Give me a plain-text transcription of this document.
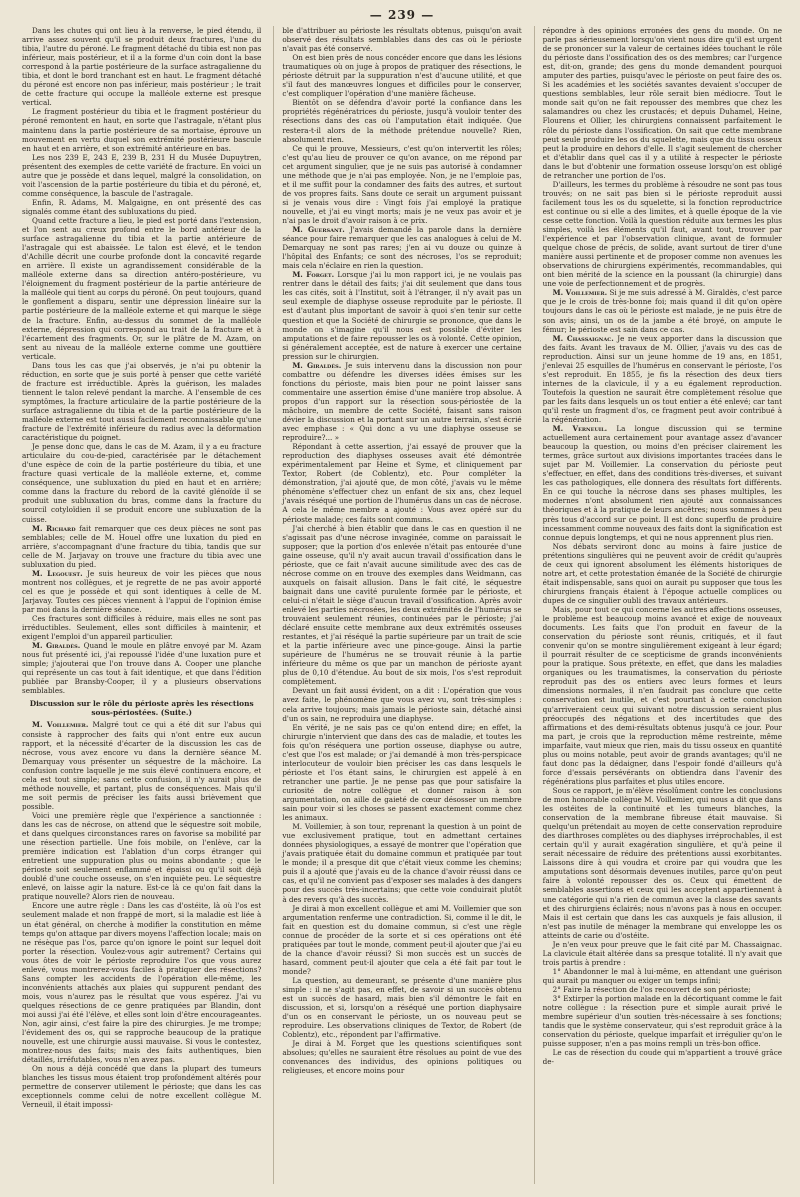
— 239 —

Dans les chutes qui ont lieu à la renverse, le pied étendu, il arrive assez souvent qu'il se produit deux fractures, l'une du tibia, l'autre du péroné. Le fragment détaché du tibia est non pas inférieur, mais postérieur, et il a la forme d'un coin dont la base correspond à la partie postérieure de la surface astragalienne du tibia, et dont le bord tranchant est en haut. Le fragment détaché du péroné est encore non pas inférieur, mais postérieur ; le trait de cette fracture qui occupe la malléole externe est presque vertical.

Le fragment postérieur du tibia et le fragment postérieur du péroné remontent en haut, en sorte que l'astragale, n'étant plus maintenu dans la partie postérieure de sa mortaise, éprouve un mouvement en vertu duquel son extrémité postérieure bascule en haut et en arrière, et son extrémité antérieure en bas.

Les nos 239 E, 243 E, 239 B, 231 H du Musée Dupuytren, présentent des exemples de cette variété de fracture. En voici un autre que je possède et dans lequel, malgré la consolidation, on voit l'ascension de la partie postérieure du tibia et du péroné, et, comme conséquence, la bascule de l'astragale.

Enfin, R. Adams, M. Malgaigne, en ont présenté des cas signalés comme étant des subluxations du pied.

Quand cette fracture a lieu, le pied est porté dans l'extension, et l'on sent au creux profond entre le bord antérieur de la surface astragalienne du tibia et la partie antérieure de l'astragale qui est abaissée. Le talon est élevé, et le tendon d'Achille décrit une courbe profonde dont la concavité regarde en arrière. Il existe un agrandissement considérable de la malléole externe dans sa direction antéro-postérieure, vu l'éloignement du fragment postérieur de la partie antérieure de la malléole qui tient au corps du péroné. On peut toujours, quand le gonflement a disparu, sentir une dépression linéaire sur la partie postérieure de la malléole externe et qui marque le siège de la fracture. Enfin, au-dessus du sommet de la malléole externe, dépression qui correspond au trait de la fracture et à l'écartement des fragments. Or, sur le plâtre de M. Azam, on sent au niveau de la malléole externe comme une gouttière verticale.

Dans tous les cas que j'ai observés, je n'ai pu obtenir la réduction, en sorte que je suis porté à penser que cette variété de fracture est irréductible. Après la guérison, les malades tiennent le talon relevé pendant la marche. A l'ensemble de ces symptômes, la fracture articulaire de la partie postérieure de la surface astragalienne du tibia et de la partie postérieure de la malléole externe est tout aussi facilement reconnaissable qu'une fracture de l'extrémité inférieure du radius avec la déformation caractéristique du poignet.

Je pense donc que, dans le cas de M. Azam, il y a eu fracture articulaire du cou-de-pied, caractérisée par le détachement d'une espèce de coin de la partie postérieure du tibia, et une fracture quasi verticale de la malléole externe, et, comme conséquence, une subluxation du pied en haut et en arrière; comme dans la fracture du rebord de la cavité glénoïde il se produit une subluxation du bras, comme dans la fracture du sourcil cotyloïdien il se produit encore une subluxation de la cuisse.

M. Richard fait remarquer que ces deux pièces ne sont pas semblables; celle de M. Houel offre une luxation du pied en arrière, s'accompagnant d'une fracture du tibia, tandis que sur celle de M. Jarjavay on trouve une fracture du tibia avec une subluxation du pied.

M. Legouest. Je suis heureux de voir les pièces que nous montrent nos collègues, et je regrette de ne pas avoir apporté cel es que je possède et qui sont identiques à celle de M. Jarjavay. Toutes ces pièces viennent à l'appui de l'opinion émise par moi dans la dernière séance.

Ces fractures sont difficiles à réduire, mais elles ne sont pas irréductibles. Seulement, elles sont difficiles à maintenir, et exigent l'emploi d'un appareil particulier.

M. Giraldès. Quand le moule en plâtre envoyé par M. Azam nous fut présenté ici, j'ai repoussé l'idée d'une luxation pure et simple; j'ajouterai que l'on trouve dans A. Cooper une planche qui représente un cas tout à fait identique, et que dans l'édition publiée par Bransby-Cooper, il y a plusieurs observations semblables.

Discussion sur le rôle du périoste après les résections sous-périostées. (Suite.)

M. Voillemier. Malgré tout ce qui a été dit sur l'abus qui consiste à rapprocher des faits qui n'ont entre eux aucun rapport, et la nécessité d'écarter de la discussion les cas de nécrose, vous avez encore vu dans la dernière séance M. Demarquay vous présenter un séquestre de la mâchoire. La confusion contre laquelle je me suis élevé continuera encore, et cela est tout simple; sans cette confusion, il n'y aurait plus de méthode nouvelle, et partant, plus de conséquences. Mais qu'il me soit permis de préciser les faits aussi brièvement que possible.

Voici une première règle que l'expérience a sanctionnée : dans les cas de nécrose, on attend que le séquestre soit mobile, et dans quelques circonstances rares on favorise sa mobilité par une résection partielle. Une fois mobile, on l'enlève, car la première indication est l'ablation d'un corps étranger qui entretient une suppuration plus ou moins abondante ; que le périoste soit seulement enflammé et épaissi ou qu'il soit déjà doublé d'une couche osseuse, on s'en inquiète peu. Le séquestre enlevé, on laisse agir la nature. Est-ce là ce qu'on fait dans la pratique nouvelle? Alors rien de nouveau.

Encore une autre règle : Dans les cas d'ostéite, là où l'os est seulement malade et non frappé de mort, si la maladie est liée à un état général, on cherche à modifier la constitution en même temps qu'on attaque par divers moyens l'affection locale; mais on ne résèque pas l'os, parce qu'on ignore le point sur lequel doit porter la résection. Voulez-vous agir autrement? Certains qui vous ôtes de voir le périoste reproduire l'os que vous aurez enlevé, vous montrerez-vous faciles à pratiquer des résections? Sans compter les accidents de l'opération elle-même, les inconvénients attachés aux plaies qui suppurent pendant des mois, vous n'aurez pas le résultat que vous espérez. J'ai vu quelques résections de ce genre pratiquées par Blandin, dont moi aussi j'ai été l'élève, et elles sont loin d'être encourageantes. Non, agir ainsi, c'est faire la pire des chirurgies. Je me trompe; l'évidement des os, qui se rapproche beaucoup de la pratique nouvelle, est une chirurgie aussi mauvaise. Si vous le contestez, montrez-nous des faits; mais des faits authentiques, bien détaillés, irréfutables, vous n'en avez pas.

On nous a déjà concédé que dans la plupart des tumeurs blanches les tissus mous étaient trop profondément altérés pour permettre de conserver utilement le périoste; que dans les cas exceptionnels comme celui de notre excellent collègue M. Verneuil, il était impossi-

ble d'attribuer au périoste les résultats obtenus, puisqu'on avait observé des résultats semblables dans des cas où le périoste n'avait pas été conservé.

On est bien près de nous concéder encore que dans les lésions traumatiques où on juge à propos de pratiquer des résections, le périoste détruit par la suppuration n'est d'aucune utilité, et que s'il faut des manœuvres longues et difficiles pour le conserver, c'est compliquer l'opération d'une manière fâcheuse.

Bientôt on se défendra d'avoir porté la confiance dans les propriétés régénératrices du périoste, jusqu'à vouloir tenter des résections dans des cas où l'amputation était indiquée. Que restera-t-il alors de la méthode prétendue nouvelle? Rien, absolument rien.

Ce qui le prouve, Messieurs, c'est qu'on intervertit les rôles; c'est qu'au lieu de prouver ce qu'on avance, on me répond par cet argument singulier, que je ne suis pas autorisé à condamner une méthode que je n'ai pas employée. Non, je ne l'emploie pas, et il me suffit pour la condamner des faits des autres, et surtout de vos propres faits. Sans doute ce serait un argument puissant si je venais vous dire : Vingt fois j'ai employé la pratique nouvelle, et j'ai eu vingt morts; mais je ne veux pas avoir et je n'ai pas le droit d'avoir raison à ce prix.

M. Guersant. J'avais demandé la parole dans la dernière séance pour faire remarquer que les cas analogues à celui de M. Demarquay ne sont pas rares; j'en ai vu douze ou quinze à l'hôpital des Enfants; ce sont des nécroses, l'os se reproduit; mais cela n'éclaire en rien la question.

M. Forget. Lorsque j'ai lu mon rapport ici, je ne voulais pas rentrer dans le détail des faits; j'ai dit seulement que dans tous les cas cités, soit à l'Institut, soit à l'étranger, il n'y avait pas un seul exemple de diaphyse osseuse reproduite par le périoste. Il est d'autant plus important de savoir à quoi s'en tenir sur cette question et que la Société de chirurgie se prononce, que dans le monde on s'imagine qu'il nous est possible d'éviter les amputations et de faire repousser les os à volonté. Cette opinion, si généralement acceptée, est de nature à exercer une certaine pression sur le chirurgien.

M. Giraldès. Je suis intervenu dans la discussion non pour combattre ou défendre les diverses idées émises sur les fonctions du périoste, mais bien pour ne point laisser sans commentaire une assertion émise d'une manière trop absolue. A propos d'un rapport sur la résection sous-périostée de la mâchoire, un membre de cette Société, faisant sans raison dévier la discussion et la portant sur un autre terrain, s'est écrié avec emphase : « Qui donc a vu une diaphyse osseuse se reproduire?... »

Répondant à cette assertion, j'ai essayé de prouver que la reproduction des diaphyses osseuses avait été démontrée expérimentalement par Heine et Syme, et cliniquement par Textor, Robert (de Coblentz), etc. Pour compléter la démonstration, j'ai ajouté que, de mon côté, j'avais vu le même phénomène s'effectuer chez un enfant de six ans, chez lequel j'avais réséqué une portion de l'humérus dans un cas de nécrose. A cela le même membre a ajouté : Vous avez opéré sur du périoste malade; ces faits sont communs.

J'ai cherché à bien établir que dans le cas en question il ne s'agissait pas d'une nécrose invaginée, comme on paraissait le supposer; que la portion d'os enlevée n'était pas entourée d'une gaine osseuse, qu'il n'y avait aucun travail d'ossification dans le périoste, que ce fait n'avait aucune similitude avec des cas de nécrose comme on en trouve des exemples dans Weidmann, cas auxquels on faisait allusion. Dans le fait cité, le séquestre baignait dans une cavité purulente formée par le périoste, et celui-ci n'était le siège d'aucun travail d'ossification. Après avoir enlevé les parties nécrosées, les deux extrémités de l'humérus se trouvaient seulement réunies, continuées par le périoste; j'ai déclaré ensuite cette membrane aux deux extrémités osseuses restantes, et j'ai réséqué la partie supérieure par un trait de scie et la partie inférieure avec une pince-gouge. Ainsi la partie supérieure de l'humérus ne se trouvait réunie à la partie inférieure du même os que par un manchon de périoste ayant plus de 0,10 d'étendue. Au bout de six mois, l'os s'est reproduit complètement.

Devant un fait aussi évident, on a dit : L'opération que vous avez faite, le phénomène que vous avez vu, sont très-simples : cela arrive toujours; mais jamais le périoste sain, détaché ainsi d'un os sain, ne reproduira une diaphyse.

En vérité, je ne sais pas ce qu'on entend dire; en effet, la chirurgie n'intervient que dans des cas de maladie, et toutes les fois qu'on réséquera une portion osseuse, diaphyse ou autre, c'est que l'os est malade; or j'ai demandé à mon très-perspicace interlocuteur de vouloir bien préciser les cas dans lesquels le périoste et l'os étant sains, le chirurgien est appelé à en retrancher une partie. Je ne pense pas que pour satisfaire la curiosité de notre collègue et donner raison à son argumentation, on aille de gaieté de cœur désosser un membre sain pour voir si les choses se passent exactement comme chez les animaux.

M. Voillemier, à son tour, reprenant la question à un point de vue exclusivement pratique, tout en admettant certaines données physiologiques, a essayé de montrer que l'opération que j'avais pratiquée était du domaine commun et pratiquée par tout le monde; il a presque dit que c'était vieux comme les chemins; puis il a ajouté que j'avais eu de la chance d'avoir réussi dans ce cas, et qu'il ne convient pas d'exposer ses malades à des dangers pour des succès très-incertains; que cette voie conduirait plutôt à des revers qu'à des succès.

Je dirai à mon excellent collègue et ami M. Voillemier que son argumentation renferme une contradiction. Si, comme il le dit, le fait en question est du domaine commun, si c'est une règle connue de procéder de la sorte et si ces opérations ont été pratiquées par tout le monde, comment peut-il ajouter que j'ai eu de la chance d'avoir réussi? Si mon succès est un succès de hasard, comment peut-il ajouter que cela a été fait par tout le monde?

La question, au demeurant, se présente d'une manière plus simple : il ne s'agit pas, en effet, de savoir si un succès obtenu est un succès de hasard, mais bien s'il démontre le fait en discussion, et si, lorsqu'on a réséqué une portion diaphysaire d'un os en conservant le périoste, un os nouveau peut se reproduire. Les observations cliniques de Textor, de Robert (de Coblentz), etc., répondent par l'affirmative.

Je dirai à M. Forget que les questions scientifiques sont absolues; qu'elles ne sauraient être résolues au point de vue des convenances des individus, des opinions politiques ou religieuses, et encore moins pour

répondre à des opinions erronées des gens du monde. On ne parle pas sérieusement lorsqu'on vient nous dire qu'il est urgent de se prononcer sur la valeur de certaines idées touchant le rôle du périoste dans l'ossification des os des membres; car l'urgence est, dit-on, grande; des gens du monde demandent pourquoi amputer des parties, puisqu'avec le périoste on peut faire des os. Si les académies et les sociétés savantes devaient s'occuper de questions semblables, leur rôle serait bien médiocre. Tout le monde sait qu'on ne fait repousser des membres que chez les salamandres ou chez les crustacés; et depuis Duhamel, Heine, Flourens et Ollier, les chirurgiens connaissent parfaitement le rôle du périoste dans l'ossification. On sait que cette membrane peut seule produire les os du squelette, mais que du tissu osseux peut la produire en dehors d'elle. Il s'agit seulement de chercher et d'établir dans quel cas il y a utilité à respecter le périoste dans le but d'obtenir une formation osseuse lorsqu'on est obligé de retrancher une portion de l'os.

D'ailleurs, les termes du problème à résoudre ne sont pas tous trouvés; on ne sait pas bien si le périoste reproduit aussi facilement tous les os du squelette, si la fonction reproductrice est continue ou si elle a des limites, et à quelle époque de la vie cesse cette fonction. Voilà la question réduite aux termes les plus simples, voilà les éléments qu'il faut, avant tout, trouver par l'expérience et par l'observation clinique, avant de formuler quelque chose de précis, de solide, avant surtout de tirer d'une manière aussi pertinente et de proposer comme non avenues les observations de chirurgiens expérimentés, recommandables, qui ont bien mérité de la science en la poussant (la chirurgie) dans une voie de perfectionnement et de progrès.

M. Voillemier. Si je me suis adressé à M. Giraldès, c'est parce que je le crois de très-bonne foi; mais quand il dit qu'on opère toujours dans le cas où le périoste est malade, je ne puis être de son avis; ainsi, un os de la jambe a été broyé, on ampute le fémur; le périoste est sain dans ce cas.

M. Chassaignac. Je ne veux apporter dans la discussion que des faits. Avant les travaux de M. Ollier, j'avais vu des cas de reproduction. Ainsi sur un jeune homme de 19 ans, en 1851, j'enlevai 25 esquilles de l'humérus en conservant le périoste, l'os s'est reproduit. En 1855, je fis la résection des deux tiers internes de la clavicule, il y a eu également reproduction. Toutefois la question ne saurait être complètement résolue que par les faits dans lesquels un os tout entier a été enlevé; car tant qu'il reste un fragment d'os, ce fragment peut avoir contribué à la régénération.

M. Verneuil. La longue discussion qui se termine actuellement aura certainement pour avantage assez d'avancer beaucoup la question, ou moins d'en préciser clairement les termes, grâce surtout aux divisions importantes tracées dans le sujet par M. Voillemier. La conservation du périoste peut s'effectuer, en effet, dans des conditions très-diverses, et suivant les cas pathologiques, elle donnera des résultats fort différents. En ce qui touche la nécrose dans ses phases multiples, les modernes n'ont absolument rien ajouté aux connaissances théoriques et à la pratique de leurs ancêtres; nous sommes à peu près tous d'accord sur ce point. Il est donc superflu de produire incessamment comme nouveaux des faits dont la signification est connue depuis longtemps, et qui ne nous apprennent plus rien.

Nos débats serviront donc au moins à faire justice de prétentions singulières qui ne peuvent avoir de crédit qu'auprès de ceux qui ignorent absolument les éléments historiques de notre art, et cette protestation émanée de la Société de chirurgie était indispensable, sans quoi on aurait pu supposer que tous les chirurgiens français étaient à l'époque actuelle complices ou dupes de ce singulier oubli des travaux antérieurs.

Mais, pour tout ce qui concerne les autres affections osseuses, le problème est beaucoup moins avancé et exige de nouveaux documents. Les faits que l'on produit en faveur de la conservation du périoste sont réunis, critiqués, et il faut convenir qu'on se montre singulièrement exigeant à leur égard; il pourrait résulter de ce scepticisme de grands inconvénients pour la pratique. Sous prétexte, en effet, que dans les maladies organiques ou les traumatismes, la conservation du périoste reproduit pas des os entiers avec leurs formes et leurs dimensions normales, il n'en faudrait pas conclure que cette conservation est inutile, et c'est pourtant à cette conclusion qu'arriveraient ceux qui suivant notre discussion seraient plus préoccupés des négations et des incertitudes que des affirmations et des demi-résultats obtenus jusqu'à ce jour. Pour ma part, je crois que la reproduction même restreinte, même imparfaite, vaut mieux que rien, mais du tissu osseux en quantité plus ou moins notable, peut avoir de grands avantages; qu'il ne faut donc pas la dédaigner, dans l'espoir fondé d'ailleurs qu'à force d'essais persévérants on obtiendra dans l'avenir des régénérations plus parfaites et plus utiles encore.

Sous ce rapport, je m'élève résolûment contre les conclusions de mon honorable collègue M. Voillemier, qui nous a dit que dans les ostéites de la continuité et les tumeurs blanches, la conservation de la membrane fibreuse était mauvaise. Si quelqu'un prétendait au moyen de cette conservation reproduire des diarthroses complètes ou des diaphyses irréprochables, il est certain qu'il y aurait exagération singulière, et qu'à peine il serait nécessaire de réduire des prétentions aussi exorbitantes. Laissons dire à qui voudra et croire par qui voudra que les amputations sont désormais devenues inutiles, parce qu'on peut faire à volonté repousser des os. Ceux qui émettent de semblables assertions et ceux qui les acceptent appartiennent à une catégorie qui n'a rien de commun avec la classe des savants et des chirurgiens éclairés; nous n'avons pas à nous en occuper. Mais il est certain que dans les cas auxquels je fais allusion, il n'est pas inutile de ménager la membrane qui enveloppe les os atteints de carie ou d'ostéite.

Je n'en veux pour preuve que le fait cité par M. Chassaignac. La clavicule était altérée dans sa presque totalité. Il n'y avait que trois partis à prendre :

1° Abandonner le mal à lui-même, en attendant une guérison qui aurait pu manquer ou exiger un temps infini;

2° Faire la résection de l'os recouvert de son périoste;

3° Extirper la portion malade en la décortiquant comme le fait notre collègue : la résection pure et simple aurait privé le membre supérieur d'un soutien très-nécessaire à ses fonctions; tandis que le système conservateur, qui s'est reproduit grâce à la conservation du périoste, quelque imparfait et irrégulier qu'on le puisse supposer, n'en a pas moins rempli un très-bon office.

Le cas de résection du coude qui m'appartient a trouvé grâce de-
